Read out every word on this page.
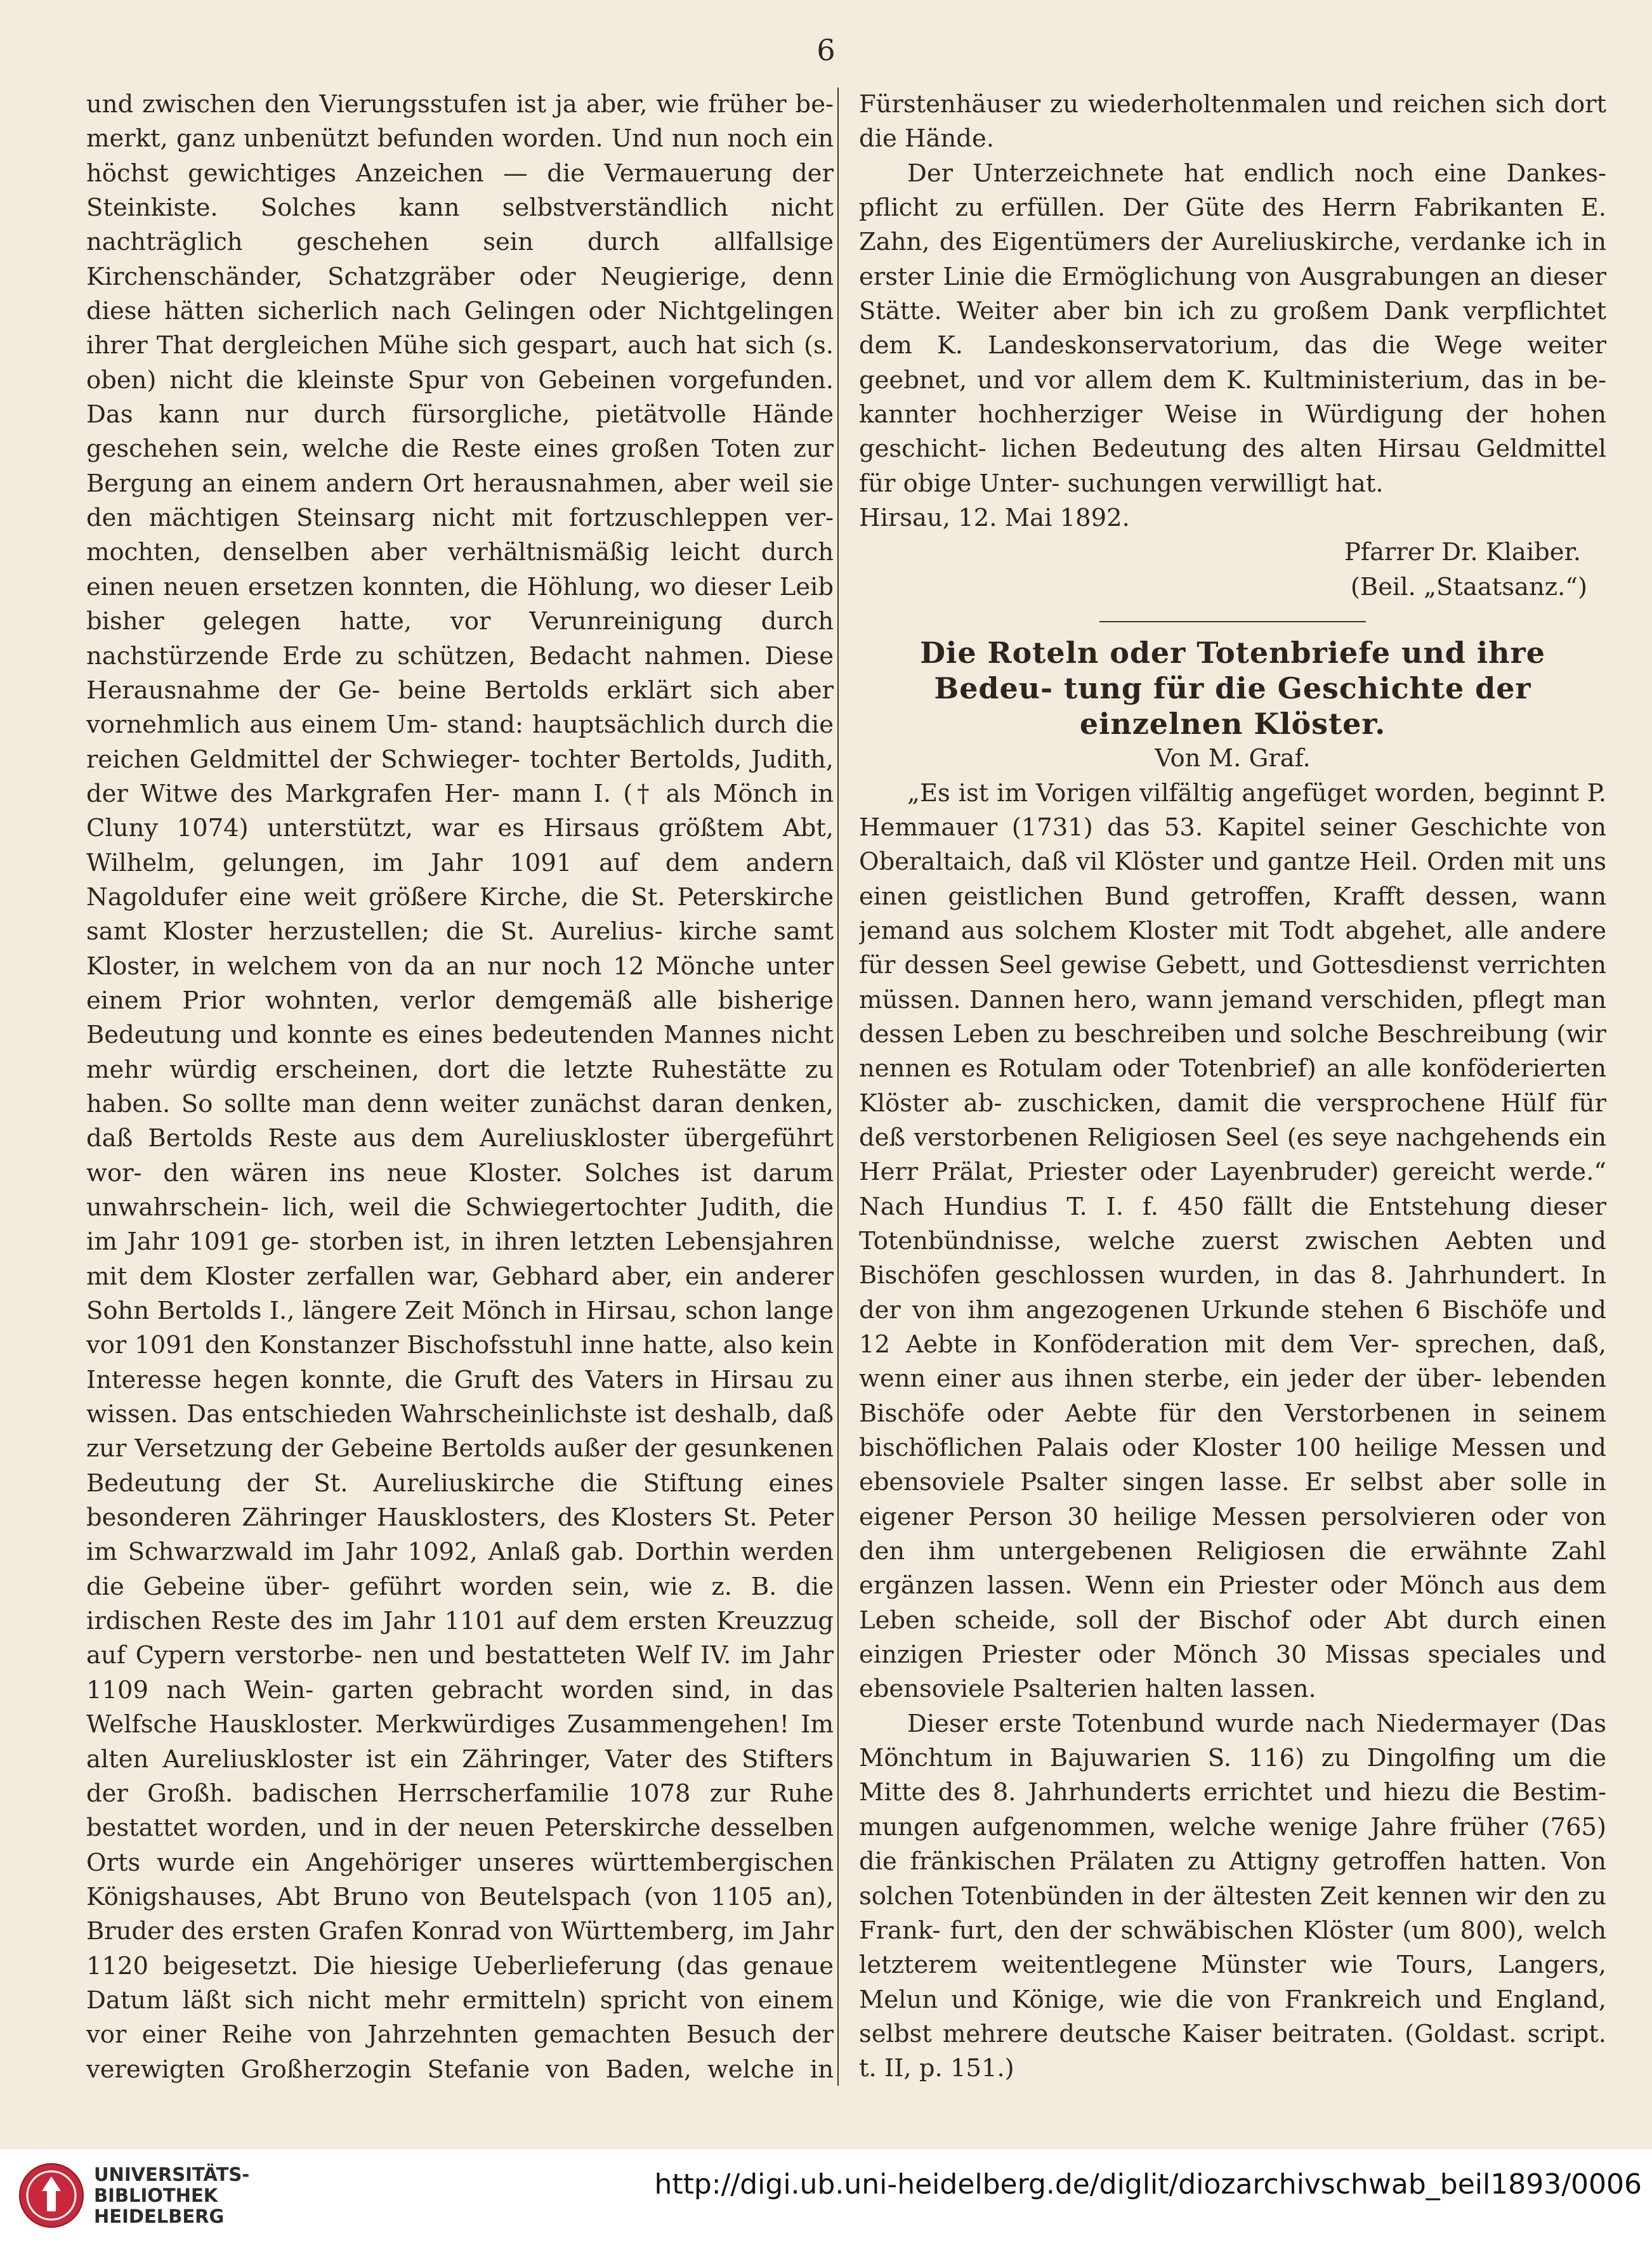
6

und zwischen den Vierungsstufen ist ja aber, wie früher be- merkt, ganz unbenützt befunden worden. Und nun noch ein höchst gewichtiges Anzeichen — die Vermauerung der Steinkiste. Solches kann selbstverständlich nicht nachträglich geschehen sein durch allfallsige Kirchenschänder, Schatzgräber oder Neugierige, denn diese hätten sicherlich nach Gelingen oder Nichtgelingen ihrer That dergleichen Mühe sich gespart, auch hat sich (s. oben) nicht die kleinste Spur von Gebeinen vorgefunden. Das kann nur durch fürsorgliche, pietätvolle Hände geschehen sein, welche die Reste eines großen Toten zur Bergung an einem andern Ort herausnahmen, aber weil sie den mächtigen Steinsarg nicht mit fortzuschleppen ver- mochten, denselben aber verhältnismäßig leicht durch einen neuen ersetzen konnten, die Höhlung, wo dieser Leib bisher gelegen hatte, vor Verunreinigung durch nachstürzende Erde zu schützen, Bedacht nahmen. Diese Herausnahme der Ge- beine Bertolds erklärt sich aber vornehmlich aus einem Um- stand: hauptsächlich durch die reichen Geldmittel der Schwieger- tochter Bertolds, Judith, der Witwe des Markgrafen Her- mann I. († als Mönch in Cluny 1074) unterstützt, war es Hirsaus größtem Abt, Wilhelm, gelungen, im Jahr 1091 auf dem andern Nagoldufer eine weit größere Kirche, die St. Peterskirche samt Kloster herzustellen; die St. Aurelius- kirche samt Kloster, in welchem von da an nur noch 12 Mönche unter einem Prior wohnten, verlor demgemäß alle bisherige Bedeutung und konnte es eines bedeutenden Mannes nicht mehr würdig erscheinen, dort die letzte Ruhestätte zu haben. So sollte man denn weiter zunächst daran denken, daß Bertolds Reste aus dem Aureliuskloster übergeführt wor- den wären ins neue Kloster. Solches ist darum unwahrschein- lich, weil die Schwiegertochter Judith, die im Jahr 1091 ge- storben ist, in ihren letzten Lebensjahren mit dem Kloster zerfallen war, Gebhard aber, ein anderer Sohn Bertolds I., längere Zeit Mönch in Hirsau, schon lange vor 1091 den Konstanzer Bischofsstuhl inne hatte, also kein Interesse hegen konnte, die Gruft des Vaters in Hirsau zu wissen. Das entschieden Wahrscheinlichste ist deshalb, daß zur Versetzung der Gebeine Bertolds außer der gesunkenen Bedeutung der St. Aureliuskirche die Stiftung eines besonderen Zähringer Hausklosters, des Klosters St. Peter im Schwarzwald im Jahr 1092, Anlaß gab. Dorthin werden die Gebeine über- geführt worden sein, wie z. B. die irdischen Reste des im Jahr 1101 auf dem ersten Kreuzzug auf Cypern verstorbe- nen und bestatteten Welf IV. im Jahr 1109 nach Wein- garten gebracht worden sind, in das Welfsche Hauskloster. Merkwürdiges Zusammengehen! Im alten Aureliuskloster ist ein Zähringer, Vater des Stifters der Großh. badischen Herrscherfamilie 1078 zur Ruhe bestattet worden, und in der neuen Peterskirche desselben Orts wurde ein Angehöriger unseres württembergischen Königshauses, Abt Bruno von Beutelspach (von 1105 an), Bruder des ersten Grafen Konrad von Württemberg, im Jahr 1120 beigesetzt. Die hiesige Ueberlieferung (das genaue Datum läßt sich nicht mehr ermitteln) spricht von einem vor einer Reihe von Jahrzehnten gemachten Besuch der verewigten Großherzogin Stefanie von Baden, welche in

Fürstenhäuser zu wiederholtenmalen und reichen sich dort die Hände.

Der Unterzeichnete hat endlich noch eine Dankes- pflicht zu erfüllen. Der Güte des Herrn Fabrikanten E. Zahn, des Eigentümers der Aureliuskirche, verdanke ich in erster Linie die Ermöglichung von Ausgrabungen an dieser Stätte. Weiter aber bin ich zu großem Dank verpflichtet dem K. Landeskonservatorium, das die Wege weiter geebnet, und vor allem dem K. Kultministerium, das in be- kannter hochherziger Weise in Würdigung der hohen geschicht- lichen Bedeutung des alten Hirsau Geldmittel für obige Unter- suchungen verwilligt hat.

Hirsau, 12. Mai 1892.

Pfarrer Dr. Klaiber.

(Beil. „Staatsanz.“)

Die Roteln oder Totenbriefe und ihre Bedeu- tung für die Geschichte der einzelnen Klöster.

Von M. Graf.

„Es ist im Vorigen vilfältig angefüget worden, beginnt P. Hemmauer (1731) das 53. Kapitel seiner Geschichte von Oberaltaich, daß vil Klöster und gantze Heil. Orden mit uns einen geistlichen Bund getroffen, Krafft dessen, wann jemand aus solchem Kloster mit Todt abgehet, alle andere für dessen Seel gewise Gebett, und Gottesdienst verrichten müssen. Dannen hero, wann jemand verschiden, pflegt man dessen Leben zu beschreiben und solche Beschreibung (wir nennen es Rotulam oder Totenbrief) an alle konföderierten Klöster ab- zuschicken, damit die versprochene Hülf für deß verstorbenen Religiosen Seel (es seye nachgehends ein Herr Prälat, Priester oder Layenbruder) gereicht werde.“ Nach Hundius T. I. f. 450 fällt die Entstehung dieser Totenbündnisse, welche zuerst zwischen Aebten und Bischöfen geschlossen wurden, in das 8. Jahrhundert. In der von ihm angezogenen Urkunde stehen 6 Bischöfe und 12 Aebte in Konföderation mit dem Ver- sprechen, daß, wenn einer aus ihnen sterbe, ein jeder der über- lebenden Bischöfe oder Aebte für den Verstorbenen in seinem bischöflichen Palais oder Kloster 100 heilige Messen und ebensoviele Psalter singen lasse. Er selbst aber solle in eigener Person 30 heilige Messen persolvieren oder von den ihm untergebenen Religiosen die erwähnte Zahl ergänzen lassen. Wenn ein Priester oder Mönch aus dem Leben scheide, soll der Bischof oder Abt durch einen einzigen Priester oder Mönch 30 Missas speciales und ebensoviele Psalterien halten lassen.

Dieser erste Totenbund wurde nach Niedermayer (Das Mönchtum in Bajuwarien S. 116) zu Dingolfing um die Mitte des 8. Jahrhunderts errichtet und hiezu die Bestim- mungen aufgenommen, welche wenige Jahre früher (765) die fränkischen Prälaten zu Attigny getroffen hatten. Von solchen Totenbünden in der ältesten Zeit kennen wir den zu Frank- furt, den der schwäbischen Klöster (um 800), welch letzterem weitentlegene Münster wie Tours, Langers, Melun und Könige, wie die von Frankreich und England, selbst mehrere deutsche Kaiser beitraten. (Goldast. script. t. II, p. 151.)

UNIVERSITÄTS-
BIBLIOTHEK
HEIDELBERG
http://digi.ub.uni-heidelberg.de/diglit/diozarchivschwab_beil1893/0006
